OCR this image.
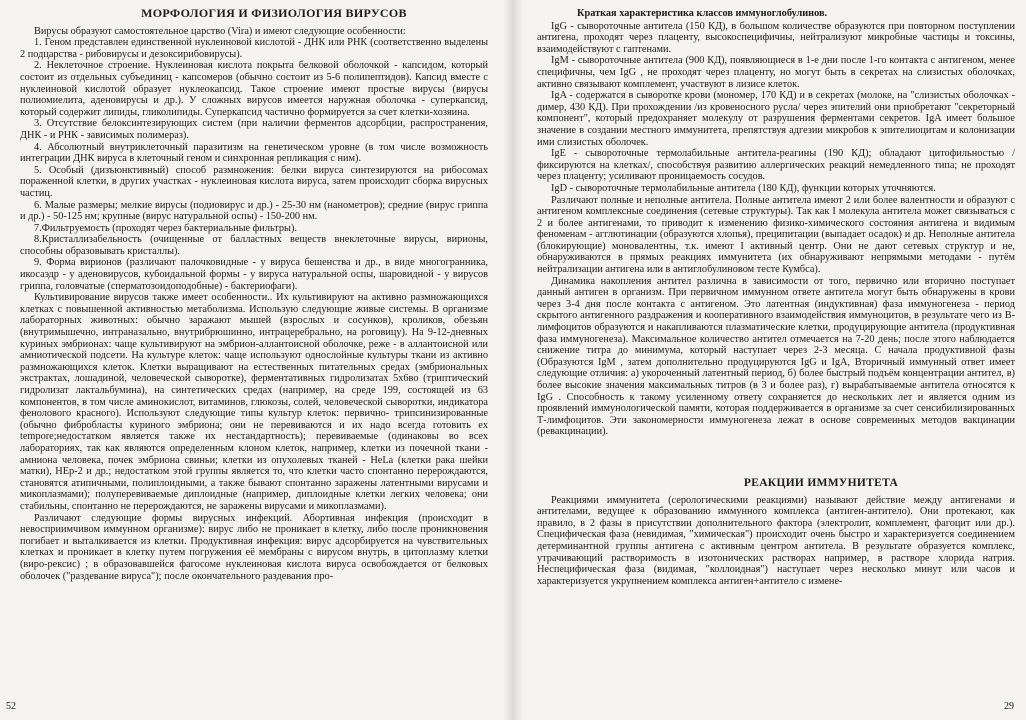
МОРФОЛОГИЯ И ФИЗИОЛОГИЯ ВИРУСОВ

Вирусы образуют самостоятельное царство (Vira) и имеют следующие особенности:

1. Геном представлен единственной нуклеиновой кислотой - ДНК или РНК (соответственно выделены 2 подцарства - рибовирусы и дезоксирибовирусы).

2. Неклеточное строение. Нуклеиновая кислота покрыта белковой оболочкой - капсидом, который состоит из отдельных субъединиц - капсомеров (обычно состоит из 5-6 полипептидов). Капсид вместе с нуклеиновой кислотой образует нуклеокапсид. Такое строение имеют простые вирусы (вирусы полиомиелита, аденовирусы и др.). У сложных вирусов имеется наружная оболочка - суперкапсид, который содержит липиды, гликолипиды. Суперкапсид частично формируется за счет клетки-хозяина.

3. Отсутствие белоксинтезирующих систем (при наличии ферментов адсорбции, распространения, ДНК - и РНК - зависимых полимераз).

4. Абсолютный внутриклеточный паразитизм на генетическом уровне (в том числе возможность интеграции ДНК вируса в клеточный геном и синхронная репликация с ним).

5. Особый (дизъюнктивный) способ размножения: белки вируса синтезируются на рибосомах пораженной клетки, в других участках - нуклеиновая кислота вируса, затем происходит сборка вирусных частиц.

6. Малые размеры; мелкие вирусы (подиовирус и др.) - 25-30 нм (нанометров); средние (вирус гриппа и др.) - 50-125 нм; крупные (вирус натуральной оспы) - 150-200 нм.

7.Фильтруемость (проходят через бактериальные фильтры).

8.Кристаллизабельность (очищенные от балластных веществ внеклеточные вирусы, вирионы, способны образовывать кристаллы).

9. Форма вирионов (различают палочковидные - у вируса бешенства и др., в виде многогранника, икосаэдр - у аденовирусов, кубоидальной формы - у вируса натуральной оспы, шаровидной - у вирусов гриппа, головчатые (сперматозоидоподобные) - бактериофаги).

Культивирование вирусов также имеет особенности.. Их культивируют на активно размножающихся клетках с повышенной активностью метаболизма. Использую следующие живые системы. В организме лабораторных животных: обычно заражают мышей (взрослых и сосунков), кроликов, обезьян (внутримышечно, интраназально, внутрибрюшинно, интрацеребрально, на роговицу). На 9-12-дневных куриных эмбрионах: чаще культивируют на эмбрион-аллантоисной оболочке, реже - в аллантоисной или амниотической подсети. На культуре клеток: чаще используют однослойные культуры ткани из активно размножающихся клеток. Клетки выращивают на естественных питательных средах (эмбриональных экстрактах, лошадиной, человеческой сыворотке), ферментативных гидролизатах 5х6во (триптический гидролизат лактальбумина), на синтетических средах (например, на среде 199, состоящей из 63 компонентов, в том числе аминокислот, витаминов, глюкозы, солей, человеческой сыворотки, индикатора фенолового красного). Используют следующие типы культур клеток: первично- трипсинизированные (обычно фибробласты куриного эмбриона; они не перевиваются и их надо всегда готовить ex tempore;недостатком является также их нестандартность); перевиваемые (одинаковы во всех лабораториях, так как являются определенным клоном клеток, например, клетки из почечной ткани - амниона человека, почек эмбриона свиньи; клетки из опухолевых тканей - HeLa (клетки рака шейки матки), HEp-2 и др.; недостатком этой группы является то, что клетки часто спонтанно перерождаются, становятся атипичными, полиплоидными, а также бывают спонтанно заражены латентными вирусами и микоплазмами); полуперевиваемые диплоидные (например, диплоидные клетки легких человека; они стабильны, спонтанно не перерождаются, не заражены вирусами и микоплазмами).

Различают следующие формы вирусных инфекций. Абортивная инфекция (происходит в невосприимчивом иммунном организме): вирус либо не проникает в клетку, либо после проникновения погибает и выталкивается из клетки. Продуктивная инфекция: вирус адсорбируется на чувствительных клетках и проникает в клетку путем погружения её мембраны с вирусом внутрь, в цитоплазму клетки (виро-рексис) ; в образовавшейся фагосоме нуклеиновая кислота вируса освобождается от белковых оболочек ("раздевание вируса"); после окончательного раздевания про-

52
Краткая характеристика классов иммуноглобулинов.

IgG - сывороточные антитела (150 КД), в большом количестве образуются при повторном поступлении антигена, проходят через плаценту, высокоспецифичны, нейтрализуют микробные частицы и токсины, взаимодействуют с гаптенами.

IgM - сывороточные антитела (900 КД), появляющиеся в 1-е дни после 1-го контакта с антигеном, менее специфичны, чем IgG , не проходят через плаценту, но могут быть в секретах на слизистых оболочках, активно связывают комплемент, участвуют в лизисе клеток.

IgA - содержатся в сыворотке крови (мономер, 170 КД) и в секретах (молоке, на "слизистых оболочках - димер, 430 КД). При прохождении /из кровеносного русла/ через эпителий они приобретают "секреторный компонент", который предохраняет молекулу от разрушения ферментами секретов. IgA имеет большое значение в создании местного иммунитета, препятствуя адгезии микробов к эпителиоцитам и колонизации ими слизистых оболочек.

IgE - сывороточные термолабильные антитела-реагины (190 КД); обладают цитофильностью /фиксируются на клетках/, способствуя развитию аллергических реакций немедленного типа; не проходят через плаценту; усиливают проницаемость сосудов.

IgD - сывороточные термолабильные антитела (180 КД), функции которых уточняются.

Различают полные и неполные антитела. Полные антитела имеют 2 или более валентности и образуют с антигеном комплексные соединения (сетевые структуры). Так как I молекула антитела может связываться с 2 и более антигенами, то приводит к изменению физико-химического состояния антигена и видимым феноменам - агглютинации (образуются хлопья), преципитации (выпадает осадок) и др. Неполные антитела (блокирующие) моновалентны, т.к. имеют I активный центр. Они не дают сетевых структур и не, обнаруживаются в прямых реакциях иммунитета (их обнаруживают непрямыми методами - путём нейтрализации антигена или в антиглобулиновом тесте Кумбса).

Динамика накопления антител различна в зависимости от того, первично или вторично поступает данный антиген в организм. При первичном иммунном ответе антитела могут быть обнаружены в крови через 3-4 дня после контакта с антигеном. Это латентная (индуктивная) фаза иммуногенеза - период скрытого антигенного раздражения и кооперативного взаимодействия иммуноцитов, в результате чего из В-лимфоцитов образуются и накапливаются плазматические клетки, продуцирующие антитела (продуктивная фаза иммуногенеза). Максимальное количество антител отмечается на 7-20 день; после этого наблюдается снижение титра до минимума, который наступает через 2-3 месяца. С начала продуктивной фазы (Образуются IgM , затем дополнительно продуцируются IgG и IgA, Вторичный иммунный ответ имеет следующие отличия: а) укороченный латентный период, б) более быстрый подъём концентрации антител, в) более высокие значения максимальных титров (в 3 и более раз), г) вырабатываемые антитела относятся к IgG . Способность к такому усиленному ответу сохраняется до нескольких лет и является одним из проявлений иммунологической памяти, которая поддерживается в организме за счет сенсибилизированных Т-лимфоцитов. Эти закономерности иммуногенеза лежат в основе современных методов вакцинации (ревакцинации).

РЕАКЦИИ ИММУНИТЕТА

Реакциями иммунитета (серологическими реакциями) называют действие между антигенами и антителами, ведущее к образованию иммунного комплекса (антиген-антитело). Они протекают, как правило, в 2 фазы в присутствии дополнительного фактора (электролит, комплемент, фагоцит или др.). Специфическая фаза (невидимая, "химическая") происходит очень быстро и характеризуется соединением детерминантной группы антигена с активным центром антитела. В результате образуется комплекс, утрачивающий растворимость в изотонических растворах например, в растворе хлорида натрия. Неспецифическая фаза (видимая, "коллоидная") наступает через несколько минут или часов и характеризуется укрупнением комплекса антиген+антитело с измене-

29
